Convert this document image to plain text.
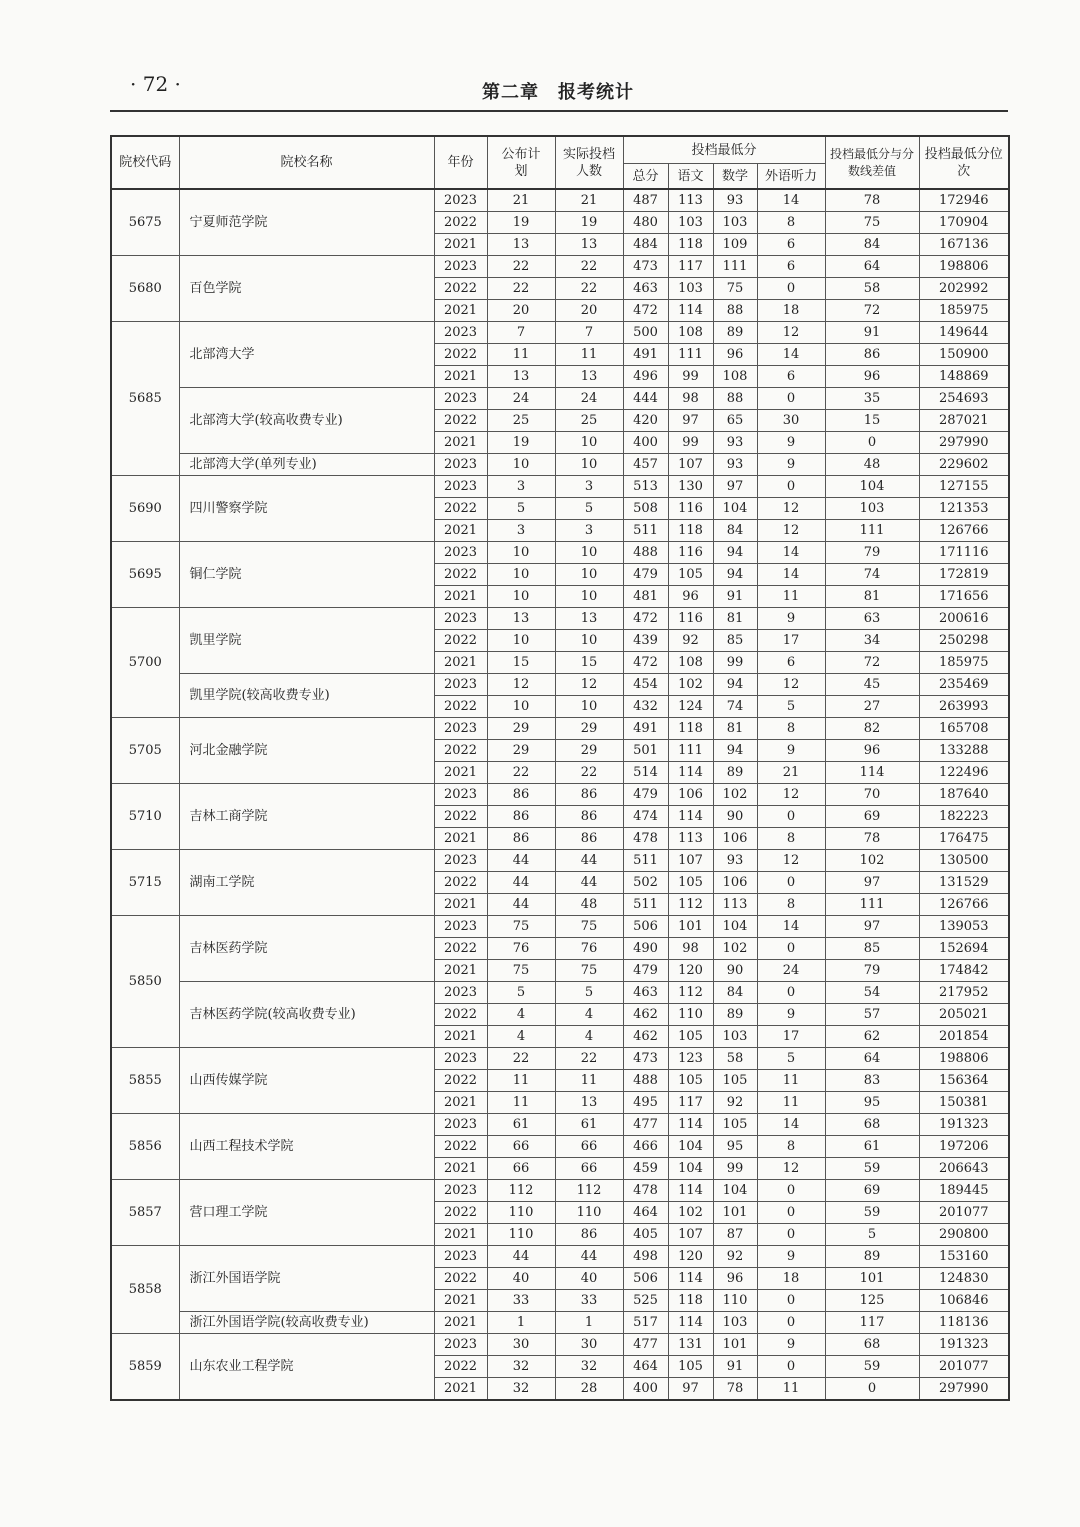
· 72 ·	第二章　报考统计
院校代码	院校名称	年份	公布计划	实际投档人数	投档最低分				投档最低分与分数线差值	投档最低分位次
					总分	语文	数学	外语听力		
5675	宁夏师范学院	2023	21	21	487	113	93	14	78	172946
		2022	19	19	480	103	103	8	75	170904
		2021	13	13	484	118	109	6	84	167136
5680	百色学院	2023	22	22	473	117	111	6	64	198806
		2022	22	22	463	103	75	0	58	202992
		2021	20	20	472	114	88	18	72	185975
5685	北部湾大学	2023	7	7	500	108	89	12	91	149644
		2022	11	11	491	111	96	14	86	150900
		2021	13	13	496	99	108	6	96	148869
	北部湾大学(较高收费专业)	2023	24	24	444	98	88	0	35	254693
		2022	25	25	420	97	65	30	15	287021
		2021	19	10	400	99	93	9	0	297990
	北部湾大学(单列专业)	2023	10	10	457	107	93	9	48	229602
5690	四川警察学院	2023	3	3	513	130	97	0	104	127155
		2022	5	5	508	116	104	12	103	121353
		2021	3	3	511	118	84	12	111	126766
5695	铜仁学院	2023	10	10	488	116	94	14	79	171116
		2022	10	10	479	105	94	14	74	172819
		2021	10	10	481	96	91	11	81	171656
5700	凯里学院	2023	13	13	472	116	81	9	63	200616
		2022	10	10	439	92	85	17	34	250298
		2021	15	15	472	108	99	6	72	185975
	凯里学院(较高收费专业)	2023	12	12	454	102	94	12	45	235469
		2022	10	10	432	124	74	5	27	263993
5705	河北金融学院	2023	29	29	491	118	81	8	82	165708
		2022	29	29	501	111	94	9	96	133288
		2021	22	22	514	114	89	21	114	122496
5710	吉林工商学院	2023	86	86	479	106	102	12	70	187640
		2022	86	86	474	114	90	0	69	182223
		2021	86	86	478	113	106	8	78	176475
5715	湖南工学院	2023	44	44	511	107	93	12	102	130500
		2022	44	44	502	105	106	0	97	131529
		2021	44	48	511	112	113	8	111	126766
5850	吉林医药学院	2023	75	75	506	101	104	14	97	139053
		2022	76	76	490	98	102	0	85	152694
		2021	75	75	479	120	90	24	79	174842
	吉林医药学院(较高收费专业)	2023	5	5	463	112	84	0	54	217952
		2022	4	4	462	110	89	9	57	205021
		2021	4	4	462	105	103	17	62	201854
5855	山西传媒学院	2023	22	22	473	123	58	5	64	198806
		2022	11	11	488	105	105	11	83	156364
		2021	11	13	495	117	92	11	95	150381
5856	山西工程技术学院	2023	61	61	477	114	105	14	68	191323
		2022	66	66	466	104	95	8	61	197206
		2021	66	66	459	104	99	12	59	206643
5857	营口理工学院	2023	112	112	478	114	104	0	69	189445
		2022	110	110	464	102	101	0	59	201077
		2021	110	86	405	107	87	0	5	290800
5858	浙江外国语学院	2023	44	44	498	120	92	9	89	153160
		2022	40	40	506	114	96	18	101	124830
		2021	33	33	525	118	110	0	125	106846
	浙江外国语学院(较高收费专业)	2021	1	1	517	114	103	0	117	118136
5859	山东农业工程学院	2023	30	30	477	131	101	9	68	191323
		2022	32	32	464	105	91	0	59	201077
		2021	32	28	400	97	78	11	0	297990
